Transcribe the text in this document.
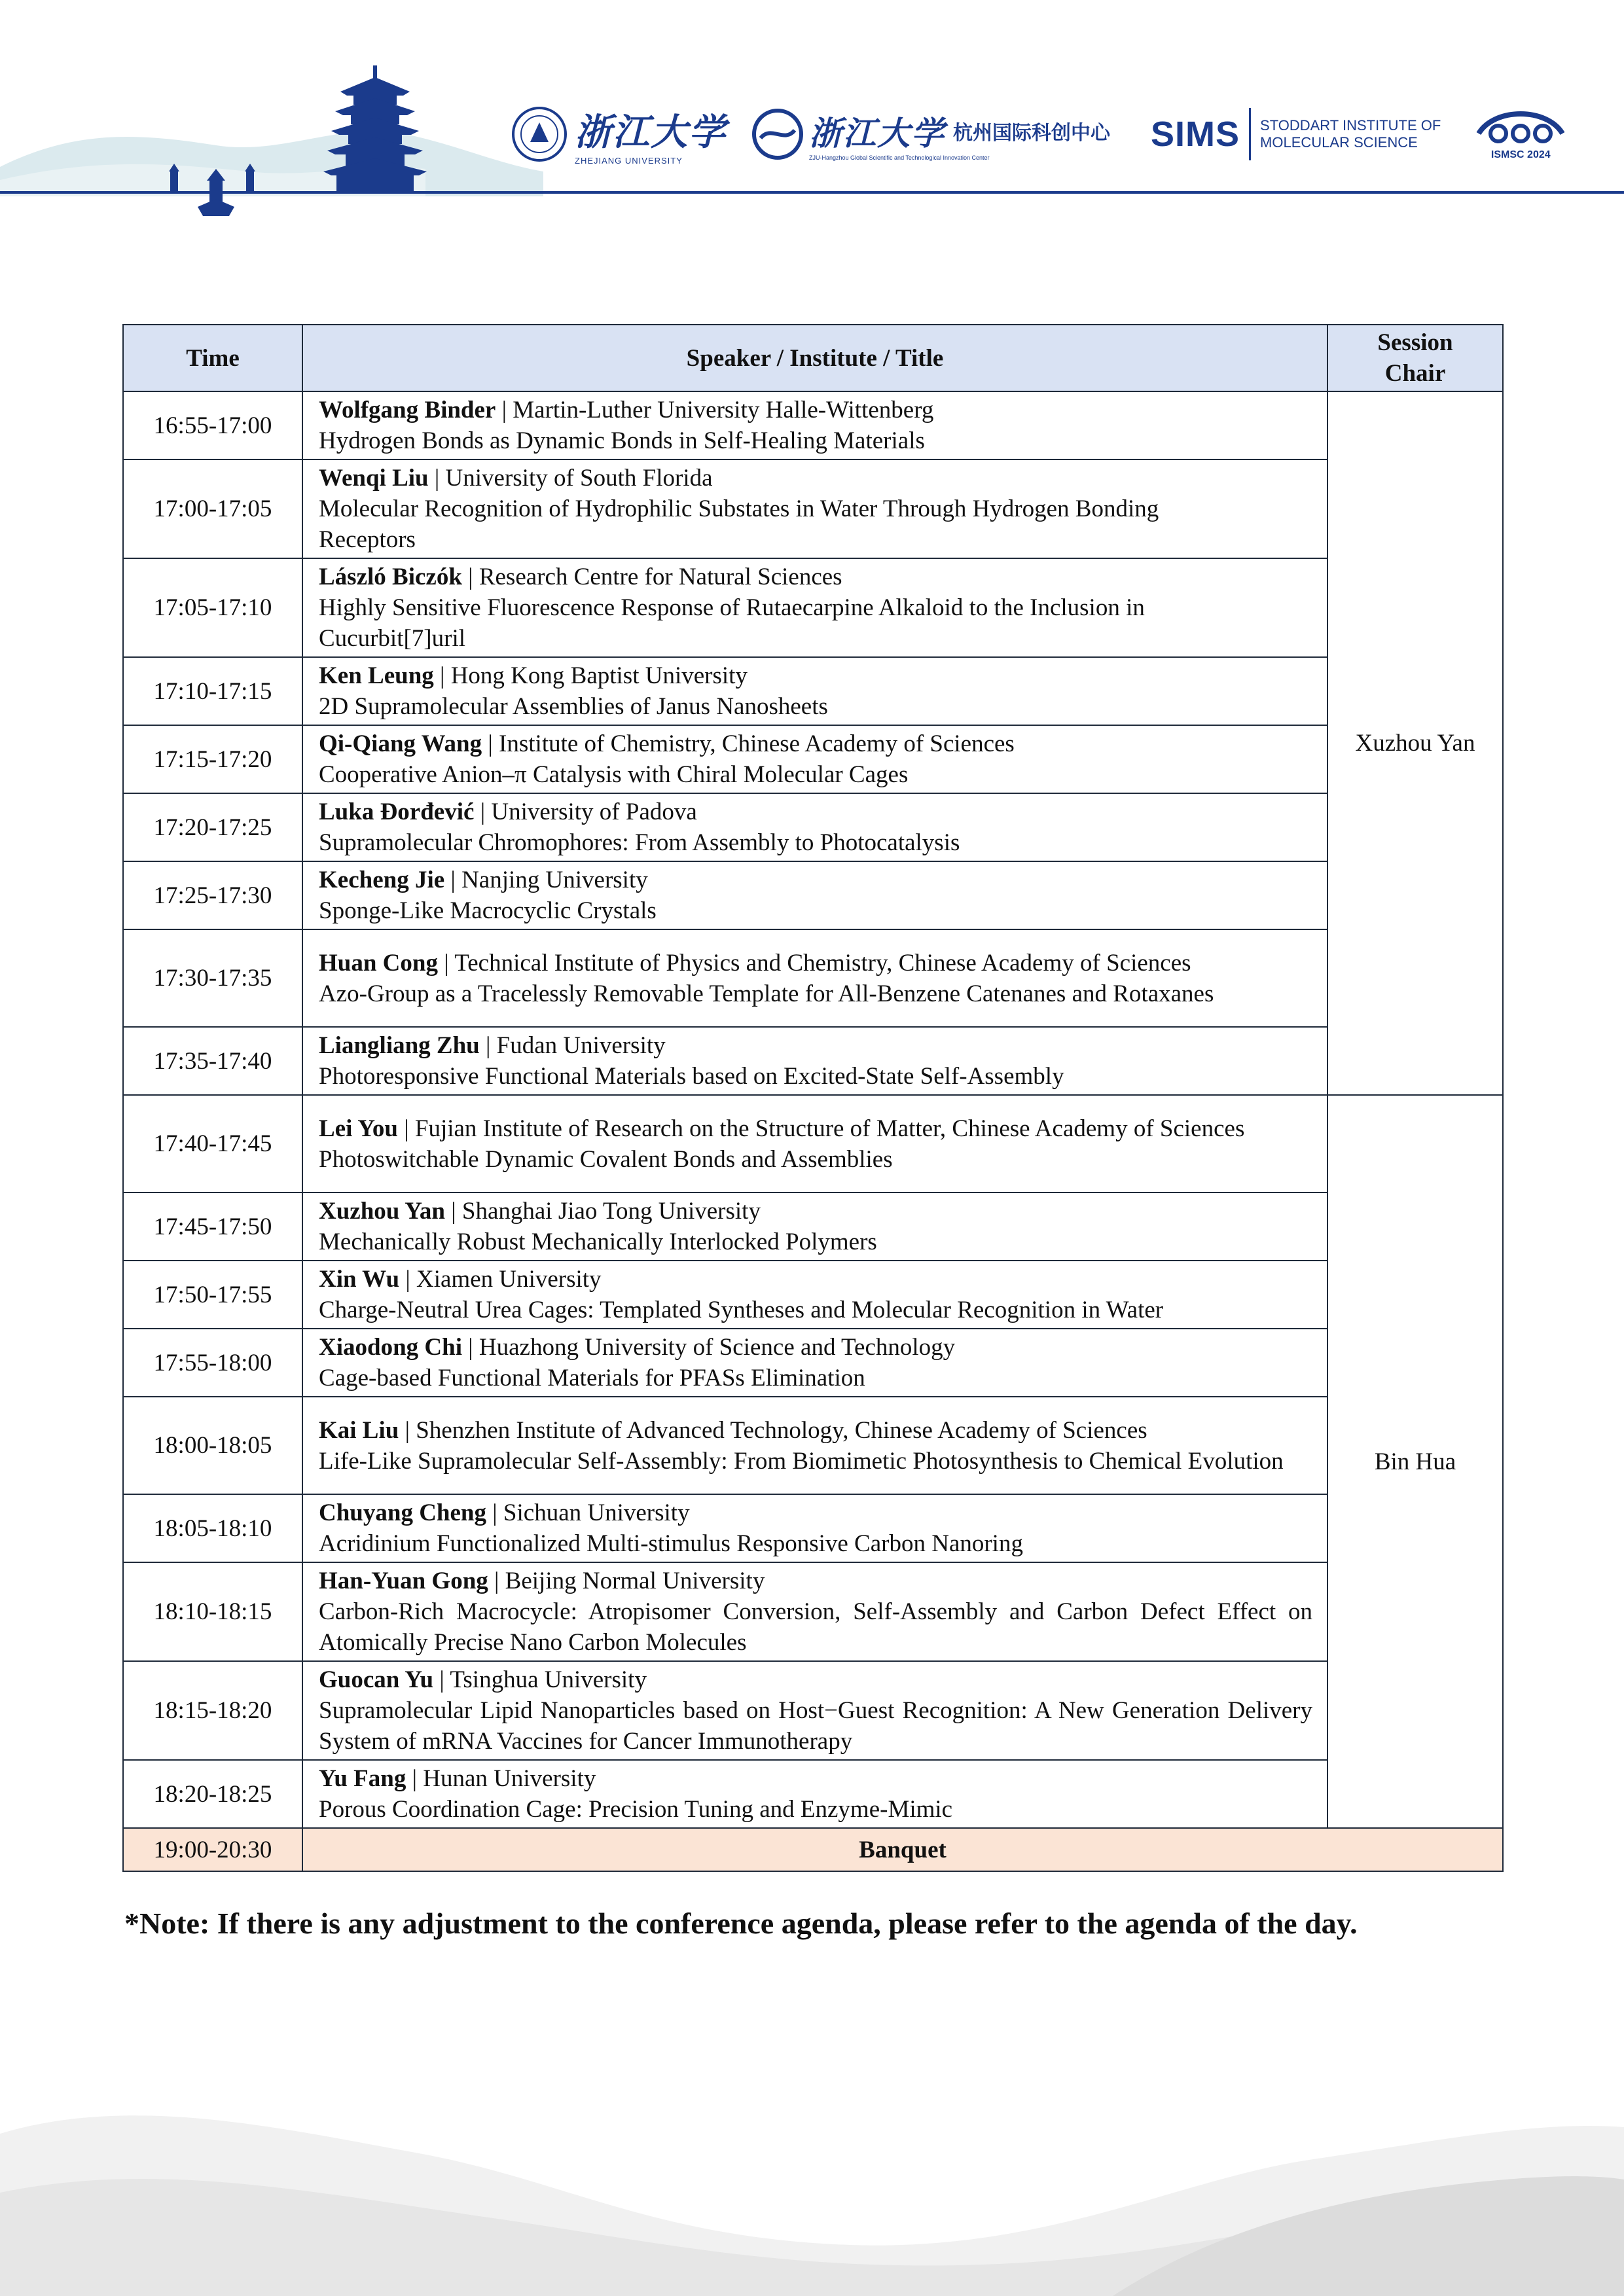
浙江大学
ZHEJIANG UNIVERSITY
浙江大学 杭州国际科创中心
ZJU-Hangzhou Global Scientific and Technological Innovation Center
SIMS STODDART INSTITUTE OF
MOLECULAR SCIENCE
ISMSC 2024
Time	Speaker / Institute / Title	Session
Chair

16:55-17:00	Wolfgang Binder | Martin-Luther University Halle-Wittenberg
Hydrogen Bonds as Dynamic Bonds in Self-Healing Materials	Xuzhou Yan
17:00-17:05	Wenqi Liu | University of South Florida
Molecular Recognition of Hydrophilic Substates in Water Through Hydrogen Bonding Receptors	

17:05-17:10	László Biczók | Research Centre for Natural Sciences
Highly Sensitive Fluorescence Response of Rutaecarpine Alkaloid to the Inclusion in Cucurbit[7]uril	

17:10-17:15	Ken Leung | Hong Kong Baptist University
2D Supramolecular Assemblies of Janus Nanosheets	

17:15-17:20	Qi-Qiang Wang | Institute of Chemistry, Chinese Academy of Sciences
Cooperative Anion–π Catalysis with Chiral Molecular Cages	

17:20-17:25	Luka Đorđević | University of Padova
Supramolecular Chromophores: From Assembly to Photocatalysis	

17:25-17:30	Kecheng Jie | Nanjing University
Sponge-Like Macrocyclic Crystals	

17:30-17:35	Huan Cong | Technical Institute of Physics and Chemistry, Chinese Academy of Sciences
Azo-Group as a Tracelessly Removable Template for All-Benzene Catenanes and Rotaxanes	

17:35-17:40	Liangliang Zhu | Fudan University
Photoresponsive Functional Materials based on Excited-State Self-Assembly	

17:40-17:45	Lei You | Fujian Institute of Research on the Structure of Matter, Chinese Academy of Sciences
Photoswitchable Dynamic Covalent Bonds and Assemblies	Bin Hua
17:45-17:50	Xuzhou Yan | Shanghai Jiao Tong University
Mechanically Robust Mechanically Interlocked Polymers	

17:50-17:55	Xin Wu | Xiamen University
Charge-Neutral Urea Cages: Templated Syntheses and Molecular Recognition in Water	

17:55-18:00	Xiaodong Chi | Huazhong University of Science and Technology
Cage-based Functional Materials for PFASs Elimination	

18:00-18:05	Kai Liu | Shenzhen Institute of Advanced Technology, Chinese Academy of Sciences
Life-Like Supramolecular Self-Assembly: From Biomimetic Photosynthesis to Chemical Evolution	

18:05-18:10	Chuyang Cheng | Sichuan University
Acridinium Functionalized Multi-stimulus Responsive Carbon Nanoring	

18:10-18:15	Han-Yuan Gong | Beijing Normal University
Carbon-Rich Macrocycle: Atropisomer Conversion, Self-Assembly and Carbon Defect Effect on Atomically Precise Nano Carbon Molecules	

18:15-18:20	Guocan Yu | Tsinghua University
Supramolecular Lipid Nanoparticles based on Host−Guest Recognition: A New Generation Delivery System of mRNA Vaccines for Cancer Immunotherapy	

18:20-18:25	Yu Fang | Hunan University
Porous Coordination Cage: Precision Tuning and Enzyme-Mimic	

19:00-20:30	Banquet	
*Note: If there is any adjustment to the conference agenda, please refer to the agenda of the day.
